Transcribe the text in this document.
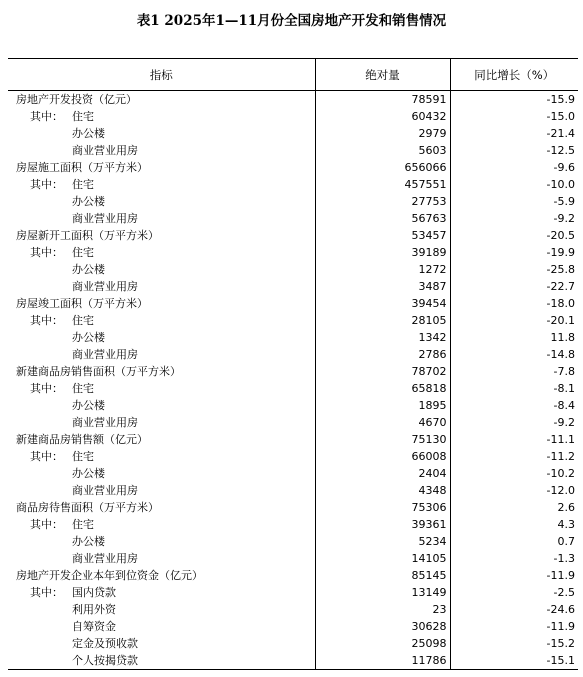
表1 2025年1—11月份全国房地产开发和销售情况
指标	绝对量	同比增长（%）
房地产开发投资（亿元）	78591	-15.9
其中： 住宅	60432	-15.0
办公楼	2979	-21.4
商业营业用房	5603	-12.5
房屋施工面积（万平方米）	656066	-9.6
其中： 住宅	457551	-10.0
办公楼	27753	-5.9
商业营业用房	56763	-9.2
房屋新开工面积（万平方米）	53457	-20.5
其中： 住宅	39189	-19.9
办公楼	1272	-25.8
商业营业用房	3487	-22.7
房屋竣工面积（万平方米）	39454	-18.0
其中： 住宅	28105	-20.1
办公楼	1342	11.8
商业营业用房	2786	-14.8
新建商品房销售面积（万平方米）	78702	-7.8
其中： 住宅	65818	-8.1
办公楼	1895	-8.4
商业营业用房	4670	-9.2
新建商品房销售额（亿元）	75130	-11.1
其中： 住宅	66008	-11.2
办公楼	2404	-10.2
商业营业用房	4348	-12.0
商品房待售面积（万平方米）	75306	2.6
其中： 住宅	39361	4.3
办公楼	5234	0.7
商业营业用房	14105	-1.3
房地产开发企业本年到位资金（亿元）	85145	-11.9
其中： 国内贷款	13149	-2.5
利用外资	23	-24.6
自筹资金	30628	-11.9
定金及预收款	25098	-15.2
个人按揭贷款	11786	-15.1
